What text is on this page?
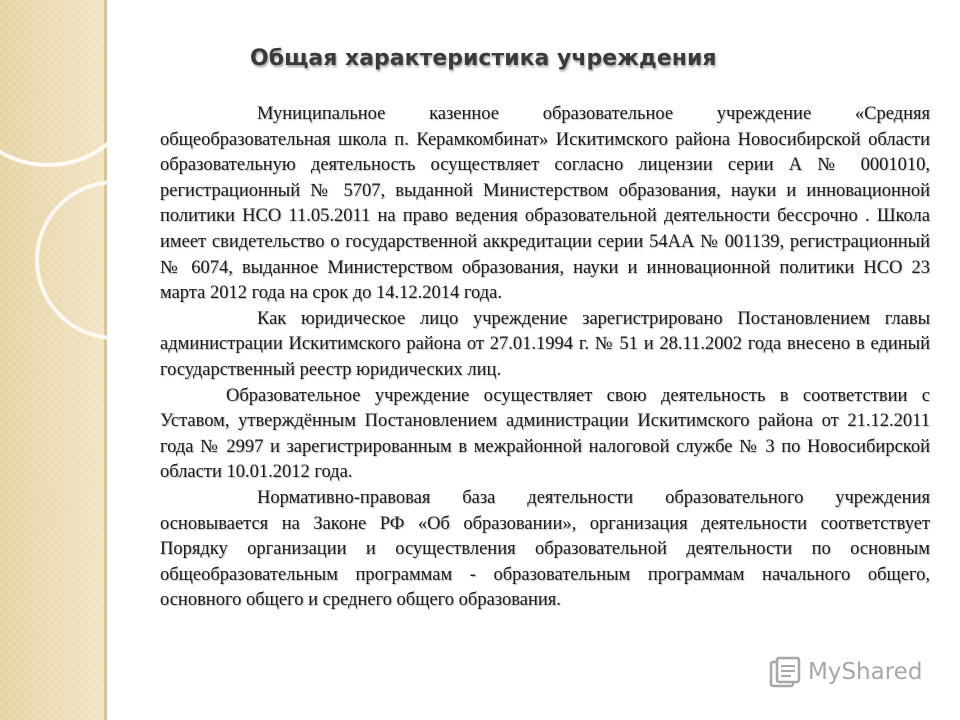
Общая характеристика учреждения

Муниципальное казенное образовательное учреждение «Средняя общеобразовательная школа п. Керамкомбинат» Искитимского района Новосибирской области образовательную деятельность осуществляет согласно лицензии серии А № 0001010, регистрационный № 5707, выданной Министерством образования, науки и инновационной политики НСО 11.05.2011 на право ведения образовательной деятельности бессрочно . Школа имеет свидетельство о государственной аккредитации серии 54АА № 001139, регистрационный № 6074, выданное Министерством образования, науки и инновационной политики НСО 23 марта 2012 года на срок до 14.12.2014 года.

Как юридическое лицо учреждение зарегистрировано Постановлением главы администрации Искитимского района от 27.01.1994 г. № 51 и 28.11.2002 года внесено в единый государственный реестр юридических лиц.

Образовательное учреждение осуществляет свою деятельность в соответствии с Уставом, утверждённым Постановлением администрации Искитимского района от 21.12.2011 года № 2997 и зарегистрированным в межрайонной налоговой службе № 3 по Новосибирской области 10.01.2012 года.

Нормативно-правовая база деятельности образовательного учреждения основывается на Законе РФ «Об образовании», организация деятельности соответствует Порядку организации и осуществления образовательной деятельности по основным общеобразовательным программам - образовательным программам начального общего, основного общего и среднего общего образования.

MyShared
